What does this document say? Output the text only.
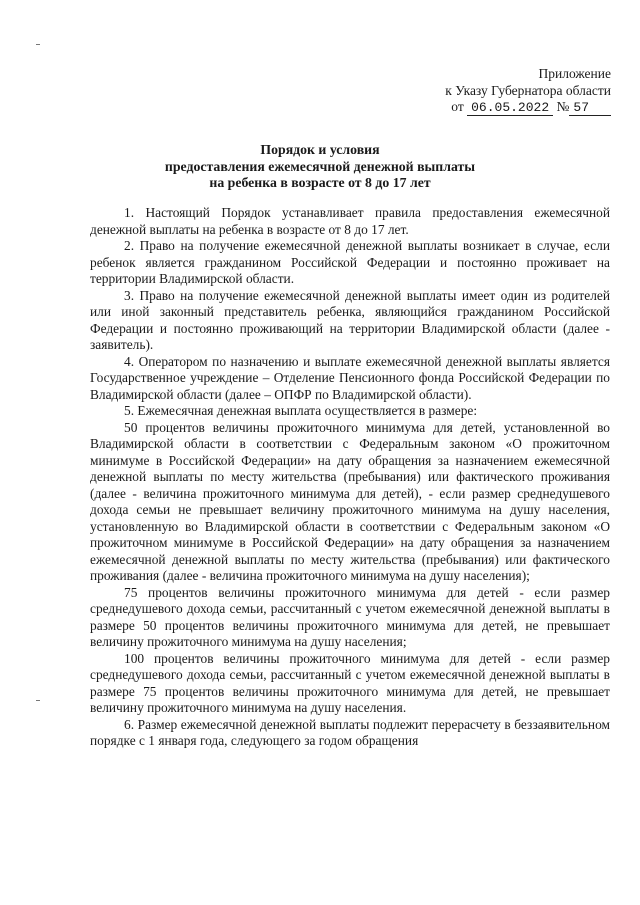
Приложение
к Указу Губернатора области
от 06.05.2022 № 57
Порядок и условия
предоставления ежемесячной денежной выплаты
на ребенка в возрасте от 8 до 17 лет

1. Настоящий Порядок устанавливает правила предоставления ежемесячной денежной выплаты на ребенка в возрасте от 8 до 17 лет.

2. Право на получение ежемесячной денежной выплаты возникает в случае, если ребенок является гражданином Российской Федерации и постоянно проживает на территории Владимирской области.

3. Право на получение ежемесячной денежной выплаты имеет один из родителей или иной законный представитель ребенка, являющийся гражданином Российской Федерации и постоянно проживающий на территории Владимирской области (далее - заявитель).

4. Оператором по назначению и выплате ежемесячной денежной выплаты является Государственное учреждение – Отделение Пенсионного фонда Российской Федерации по Владимирской области (далее – ОПФР по Владимирской области).

5. Ежемесячная денежная выплата осуществляется в размере:

50 процентов величины прожиточного минимума для детей, установленной во Владимирской области в соответствии с Федеральным законом «О прожиточном минимуме в Российской Федерации» на дату обращения за назначением ежемесячной денежной выплаты по месту жительства (пребывания) или фактического проживания (далее - величина прожиточного минимума для детей), - если размер среднедушевого дохода семьи не превышает величину прожиточного минимума на душу населения, установленную во Владимирской области в соответствии с Федеральным законом «О прожиточном минимуме в Российской Федерации» на дату обращения за назначением ежемесячной денежной выплаты по месту жительства (пребывания) или фактического проживания (далее - величина прожиточного минимума на душу населения);

75 процентов величины прожиточного минимума для детей - если размер среднедушевого дохода семьи, рассчитанный с учетом ежемесячной денежной выплаты в размере 50 процентов величины прожиточного минимума для детей, не превышает величину прожиточного минимума на душу населения;

100 процентов величины прожиточного минимума для детей - если размер среднедушевого дохода семьи, рассчитанный с учетом ежемесячной денежной выплаты в размере 75 процентов величины прожиточного минимума для детей, не превышает величину прожиточного минимума на душу населения.

6. Размер ежемесячной денежной выплаты подлежит перерасчету в беззаявительном порядке с 1 января года, следующего за годом обращения
